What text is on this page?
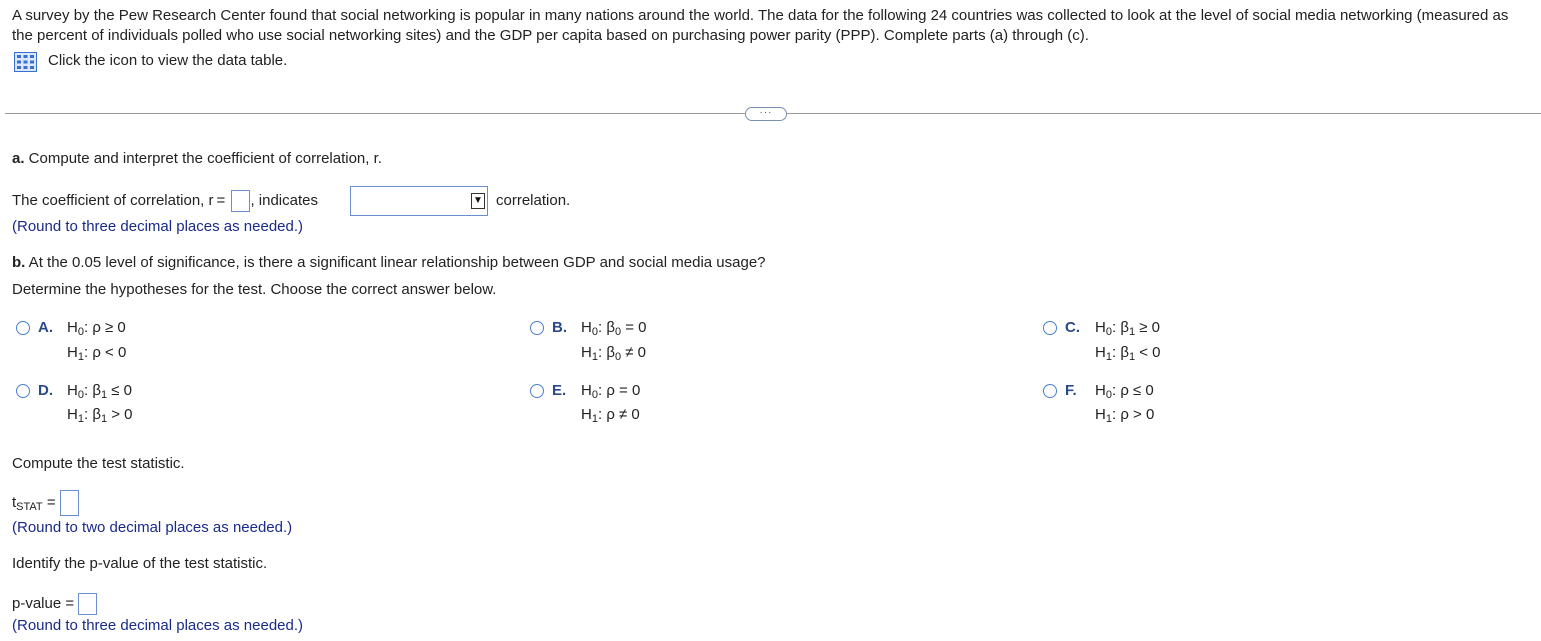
A survey by the Pew Research Center found that social networking is popular in many nations around the world. The data for the following 24 countries was collected to look at the level of social media networking (measured as the percent of individuals polled who use social networking sites) and the GDP per capita based on purchasing power parity (PPP). Complete parts (a) through (c).
Click the icon to view the data table.
···
a. Compute and interpret the coefficient of correlation, r.
The coefficient of correlation, r = , indicates	▼ correlation.
(Round to three decimal places as needed.)
b. At the 0.05 level of significance, is there a significant linear relationship between GDP and social media usage?
Determine the hypotheses for the test. Choose the correct answer below.
A. $H_0$: ρ ≥ 0
$H_1$: ρ < 0
B. $H_0$: $\beta_0 = 0$
$H_1$: $\beta_0 \ne 0$
C. $H_0$: $\beta_1 \ge 0$
$H_1$: $\beta_1 < 0$
D. $H_0$: $\beta_1 \le 0$
$H_1$: $\beta_1 > 0$
E. $H_0$: ρ = 0
$H_1$: ρ ≠ 0
F. $H_0$: ρ ≤ 0
$H_1$: ρ > 0
Compute the test statistic.
$t_{STAT}$ =
(Round to two decimal places as needed.)
Identify the p-value of the test statistic.
p-value =
(Round to three decimal places as needed.)
